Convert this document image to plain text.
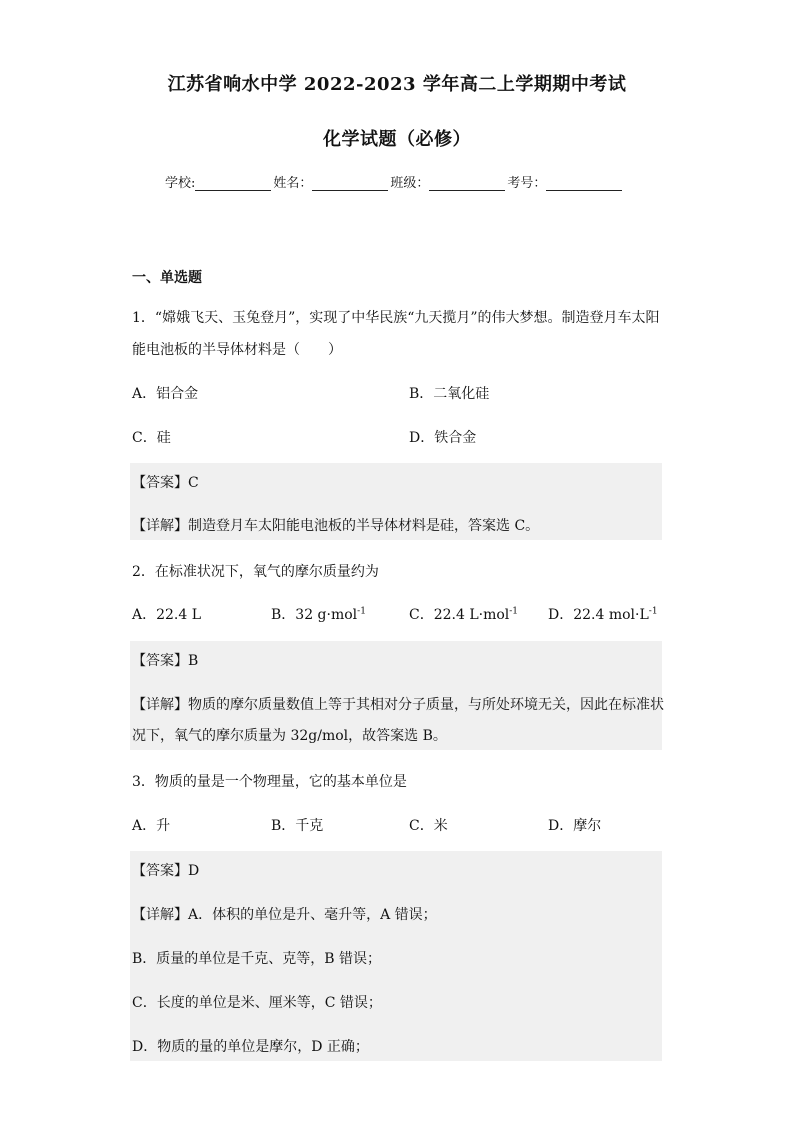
江苏省响水中学 2022-2023 学年高二上学期期中考试
化学试题（必修）
学校:	姓名：	班级：	考号：
一、单选题
1．“嫦娥飞天、玉兔登月”，实现了中华民族“九天揽月”的伟大梦想。制造登月车太阳
能电池板的半导体材料是（　　）
A．铝合金	B．二氧化硅
C．硅	D．铁合金
【答案】C
【详解】制造登月车太阳能电池板的半导体材料是硅，答案选 C。
2．在标准状况下，氧气的摩尔质量约为
A．22.4 L	B．32 g·mol$^{-1}$	C．22.4 L·mol$^{-1}$ D．22.4 $mol\cdot L^{-1}$
【答案】B
【详解】物质的摩尔质量数值上等于其相对分子质量，与所处环境无关，因此在标准状
况下，氧气的摩尔质量为 32g/mol，故答案选 B。
3．物质的量是一个物理量，它的基本单位是
A．升	B．千克	C．米	D．摩尔
【答案】D
【详解】A．体积的单位是升、毫升等，A 错误；
B．质量的单位是千克、克等，B 错误；
C．长度的单位是米、厘米等，C 错误；
D．物质的量的单位是摩尔，D 正确；
